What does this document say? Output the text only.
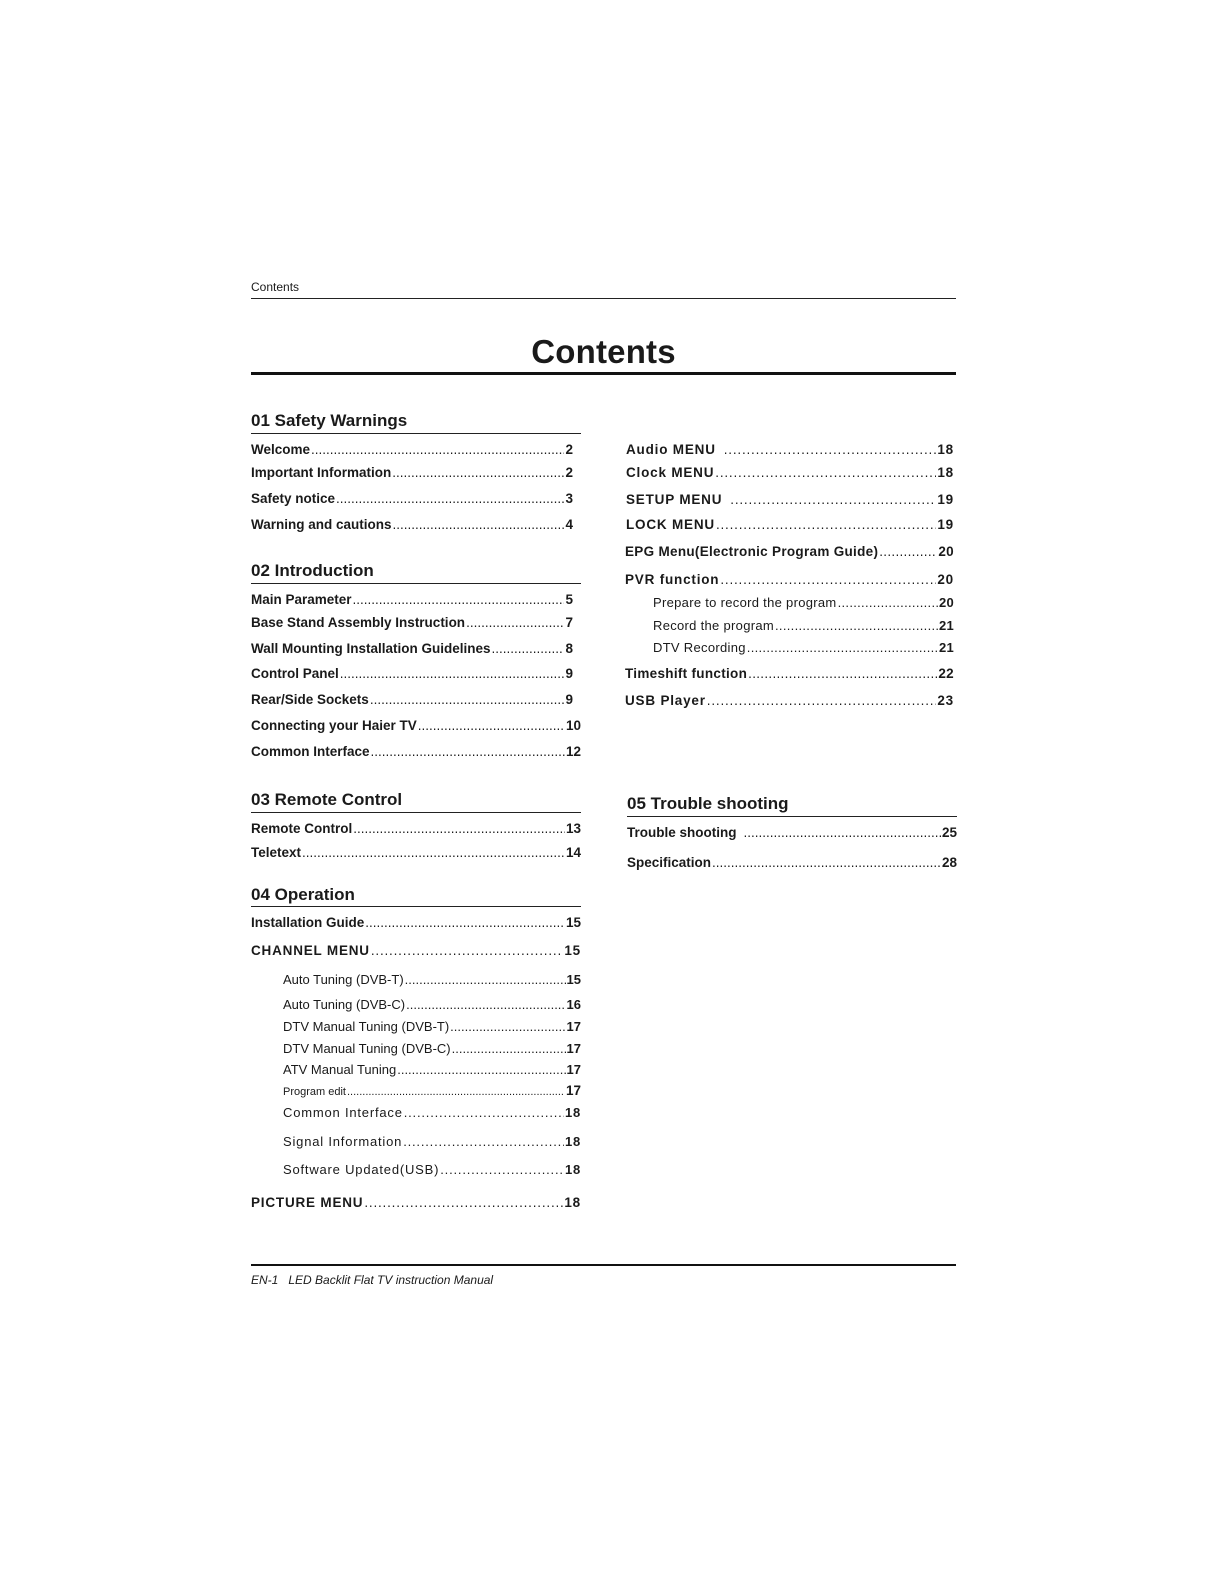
Contents
Contents
01 Safety Warnings
Welcome .....	2
Important Information .....	2
Safety notice .....	3
Warning and cautions .....	4
02 Introduction
Main Parameter .....	5
Base Stand Assembly Instruction .....	7
Wall Mounting Installation Guidelines .....	8
Control Panel .....	9
Rear/Side Sockets .....	9
Connecting your Haier TV .....	10
Common Interface .....	12
03 Remote Control
Remote Control .....	13
Teletext .....	14
04 Operation
Installation Guide .....	15
CHANNEL MENU .....	15
Auto Tuning (DVB-T) .....	15
Auto Tuning (DVB-C) .....	16
DTV Manual Tuning (DVB-T) .....	17
DTV Manual Tuning (DVB-C) .....	17
ATV Manual Tuning .....	17
Program edit .....	17
Common Interface .....	18
Signal Information .....	18
Software Updated(USB) .....	18
PICTURE MENU .....	18
Audio MENU .....	18
Clock MENU .....	18
SETUP MENU .....	19
LOCK MENU .....	19
EPG Menu(Electronic Program Guide) .....	20
PVR function .....	20
Prepare to record the program .....	20
Record the program .....	21
DTV Recording .....	21
Timeshift function .....	22
USB Player .....	23
05 Trouble shooting
Trouble shooting .....	25
Specification .....	28
EN-1 LED Backlit Flat TV instruction Manual
